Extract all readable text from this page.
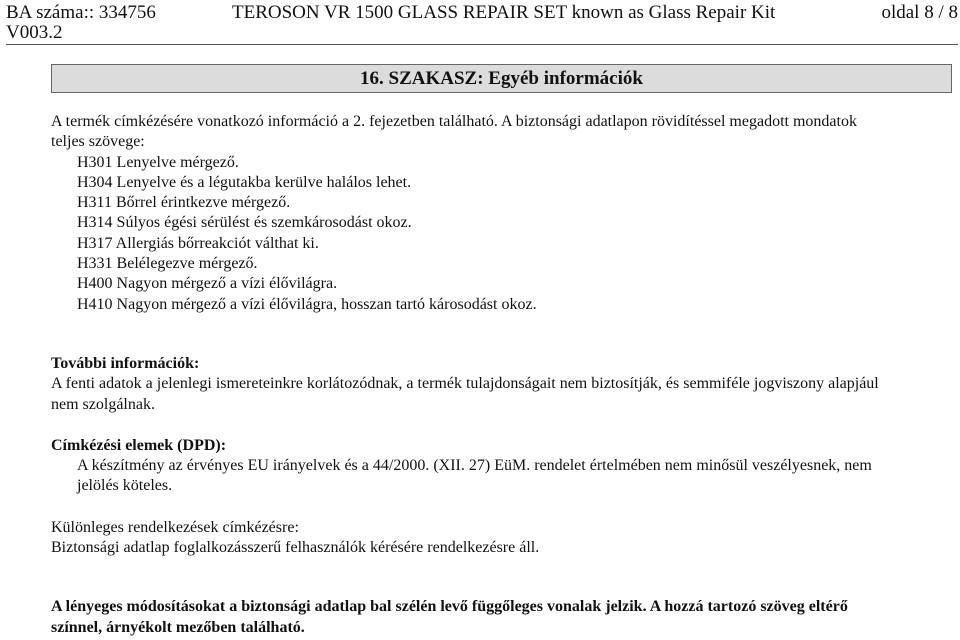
BA száma:: 334756
V003.2
TEROSON VR 1500 GLASS REPAIR SET known as Glass Repair Kit	oldal 8 / 8
16. SZAKASZ: Egyéb információk

A termék címkézésére vonatkozó információ a 2. fejezetben található. A biztonsági adatlapon rövidítéssel megadott mondatok

teljes szövege:

H301 Lenyelve mérgező.
H304 Lenyelve és a légutakba kerülve halálos lehet.
H311 Bőrrel érintkezve mérgező.
H314 Súlyos égési sérülést és szemkárosodást okoz.
H317 Allergiás bőrreakciót válthat ki.
H331 Belélegezve mérgező.
H400 Nagyon mérgező a vízi élővilágra.
H410 Nagyon mérgező a vízi élővilágra, hosszan tartó károsodást okoz.

További információk:

A fenti adatok a jelenlegi ismereteinkre korlátozódnak, a termék tulajdonságait nem biztosítják, és semmiféle jogviszony alapjául

nem szolgálnak.

Címkézési elemek (DPD):

A készítmény az érvényes EU irányelvek és a 44/2000. (XII. 27) EüM. rendelet értelmében nem minősül veszélyesnek, nem

jelölés köteles.

Különleges rendelkezések címkézésre:

Biztonsági adatlap foglalkozásszerű felhasználók kérésére rendelkezésre áll.

A lényeges módosításokat a biztonsági adatlap bal szélén levő függőleges vonalak jelzik. A hozzá tartozó szöveg eltérő

színnel, árnyékolt mezőben található.
